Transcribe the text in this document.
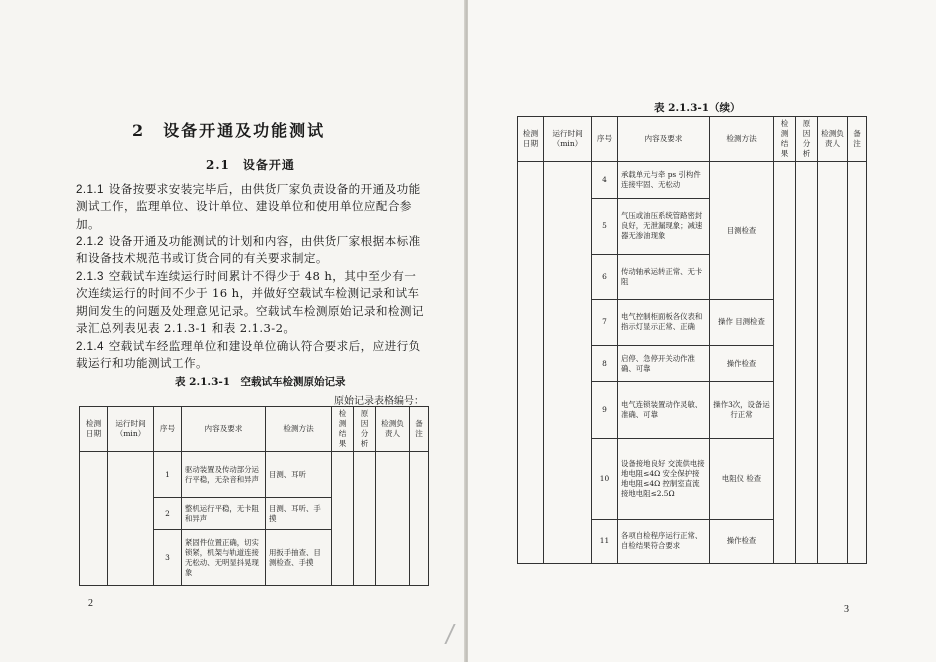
2　设备开通及功能测试
2.1　设备开通
2.1.1 设备按要求安装完毕后，由供货厂家负责设备的开通及功能测试工作，监理单位、设计单位、建设单位和使用单位应配合参加。
2.1.2 设备开通及功能测试的计划和内容，由供货厂家根据本标准和设备技术规范书或订货合同的有关要求制定。
2.1.3 空载试车连续运行时间累计不得少于 48 h，其中至少有一次连续运行的时间不少于 16 h，并做好空载试车检测记录和试车期间发生的问题及处理意见记录。空载试车检测原始记录和检测记录汇总列表见表 2.1.3-1 和表 2.1.3-2。
2.1.4 空载试车经监理单位和建设单位确认符合要求后，应进行负载运行和功能测试工作。
表 2.1.3-1　空载试车检测原始记录
原始记录表格编号：
检测日期	运行时间（min）	序号	内容及要求	检测方法	检测结果	原因分析	检测负责人	备注
		1	驱动装置及传动部分运行平稳，无杂音和异声	目测、耳听				
		2	整机运行平稳，无卡阻和异声	目测、耳听、手摸				
		3	紧固件位置正确，切实锁紧，机架与轨道连接无松动、无明显抖晃现象	用扳手抽查、目测检查、手摸				
2
表 2.1.3-1（续）
检测日期	运行时间（min）	序号	内容及要求	检测方法	检测结果	原因分析	检测负责人	备注
		4	承载单元与牵 ps 引构件连接牢固、无松动	目测检查				
		5	气压或油压系统管路密封良好，无泄漏现象；减速器无渗油现象					
		6	传动轴承运转正常、无卡阻					
		7	电气控制柜面板各仪表和指示灯显示正常、正确	操作 目测检查				
		8	启停、急停开关动作准确、可靠	操作检查				
		9	电气连锁装置动作灵敏、准确、可靠	操作3次，设备运行正常				
		10	设备接地良好 交流供电接地电阻≤4Ω 安全保护接地电阻≤4Ω 控制室直流接地电阻≤2.5Ω	电阻仪 检查				
		11	各项自检程序运行正常、自检结果符合要求	操作检查				
3
